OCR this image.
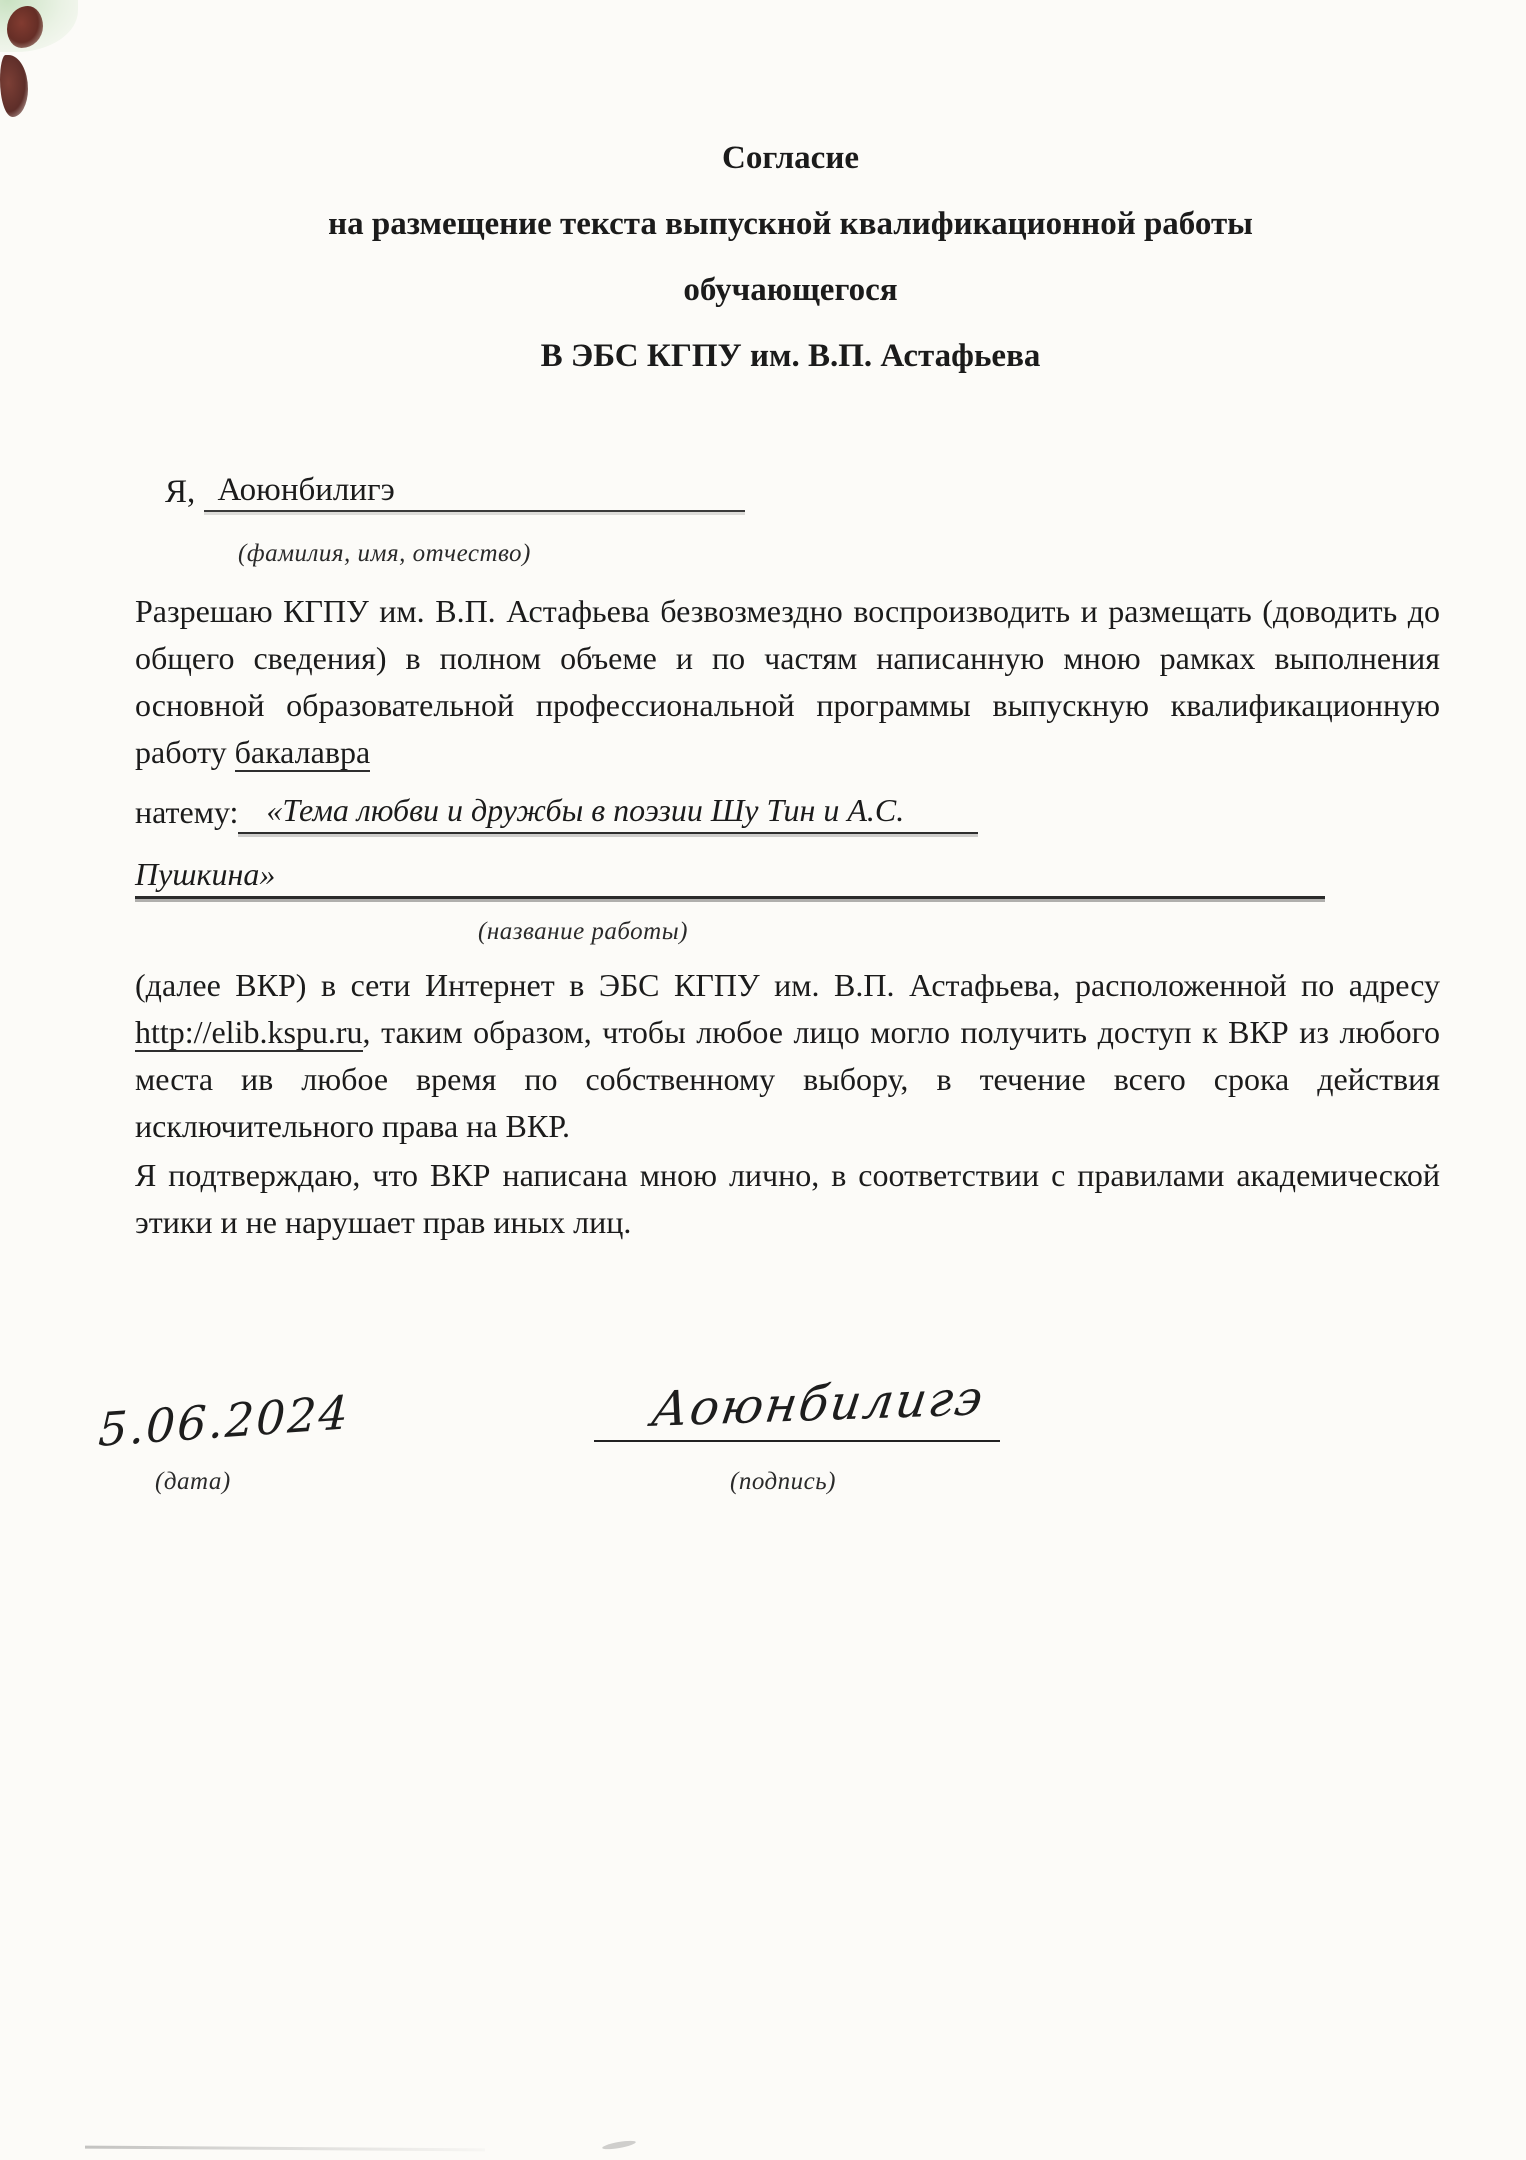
Согласие
на размещение текста выпускной квалификационной работы
обучающегося
В ЭБС КГПУ им. В.П. Астафьева
Я, Аоюнбилигэ
(фамилия, имя, отчество)
Разрешаю КГПУ им. В.П. Астафьева безвозмездно воспроизводить и размещать (доводить до общего сведения) в полном объеме и по частям написанную мною рамках выполнения основной образовательной профессиональной программы выпускную квалификационную работу бакалавра
натему: «Тема любви и дружбы в поэзии Шу Тин и А.С.
Пушкина»
(название работы)
(далее ВКР) в сети Интернет в ЭБС КГПУ им. В.П. Астафьева, расположенной по адресу http://elib.kspu.ru, таким образом, чтобы любое лицо могло получить доступ к ВКР из любого места ив любое время по собственному выбору, в течение всего срока действия исключительного права на ВКР.
Я подтверждаю, что ВКР написана мною лично, в соответствии с правилами академической этики и не нарушает прав иных лиц.
5.06.2024
(дата)
Аоюнбилигэ
(подпись)
